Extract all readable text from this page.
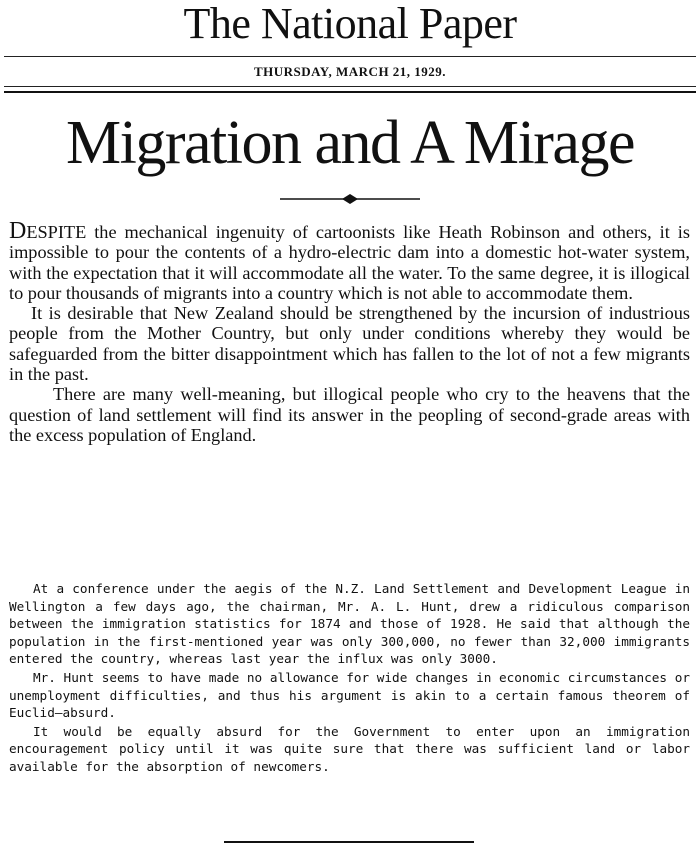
The National Paper
THURSDAY, MARCH 21, 1929.
Migration and A Mirage

DESPITE the mechanical ingenuity of cartoonists like Heath Robinson and others, it is impossible to pour the contents of a hydro-electric dam into a domestic hot-water system, with the expectation that it will accommodate all the water. To the same degree, it is illogical to pour thousands of migrants into a country which is not able to accommodate them.

It is desirable that New Zealand should be strengthened by the incursion of industrious people from the Mother Country, but only under conditions whereby they would be safeguarded from the bitter disappointment which has fallen to the lot of not a few migrants in the past.

There are many well-meaning, but illogical people who cry to the heavens that the question of land settlement will find its answer in the peopling of second-grade areas with the excess population of England.

At a conference under the aegis of the N.Z. Land Settlement and Development League in Wellington a few days ago, the chairman, Mr. A. L. Hunt, drew a ridiculous comparison between the immigration statistics for 1874 and those of 1928. He said that although the population in the first-mentioned year was only 300,000, no fewer than 32,000 immigrants entered the country, whereas last year the influx was only 3000.

Mr. Hunt seems to have made no allowance for wide changes in economic circumstances or unemployment difficulties, and thus his argument is akin to a certain famous theorem of Euclid—absurd.

It would be equally absurd for the Government to enter upon an immigration encouragement policy until it was quite sure that there was sufficient land or labor available for the absorption of newcomers.
